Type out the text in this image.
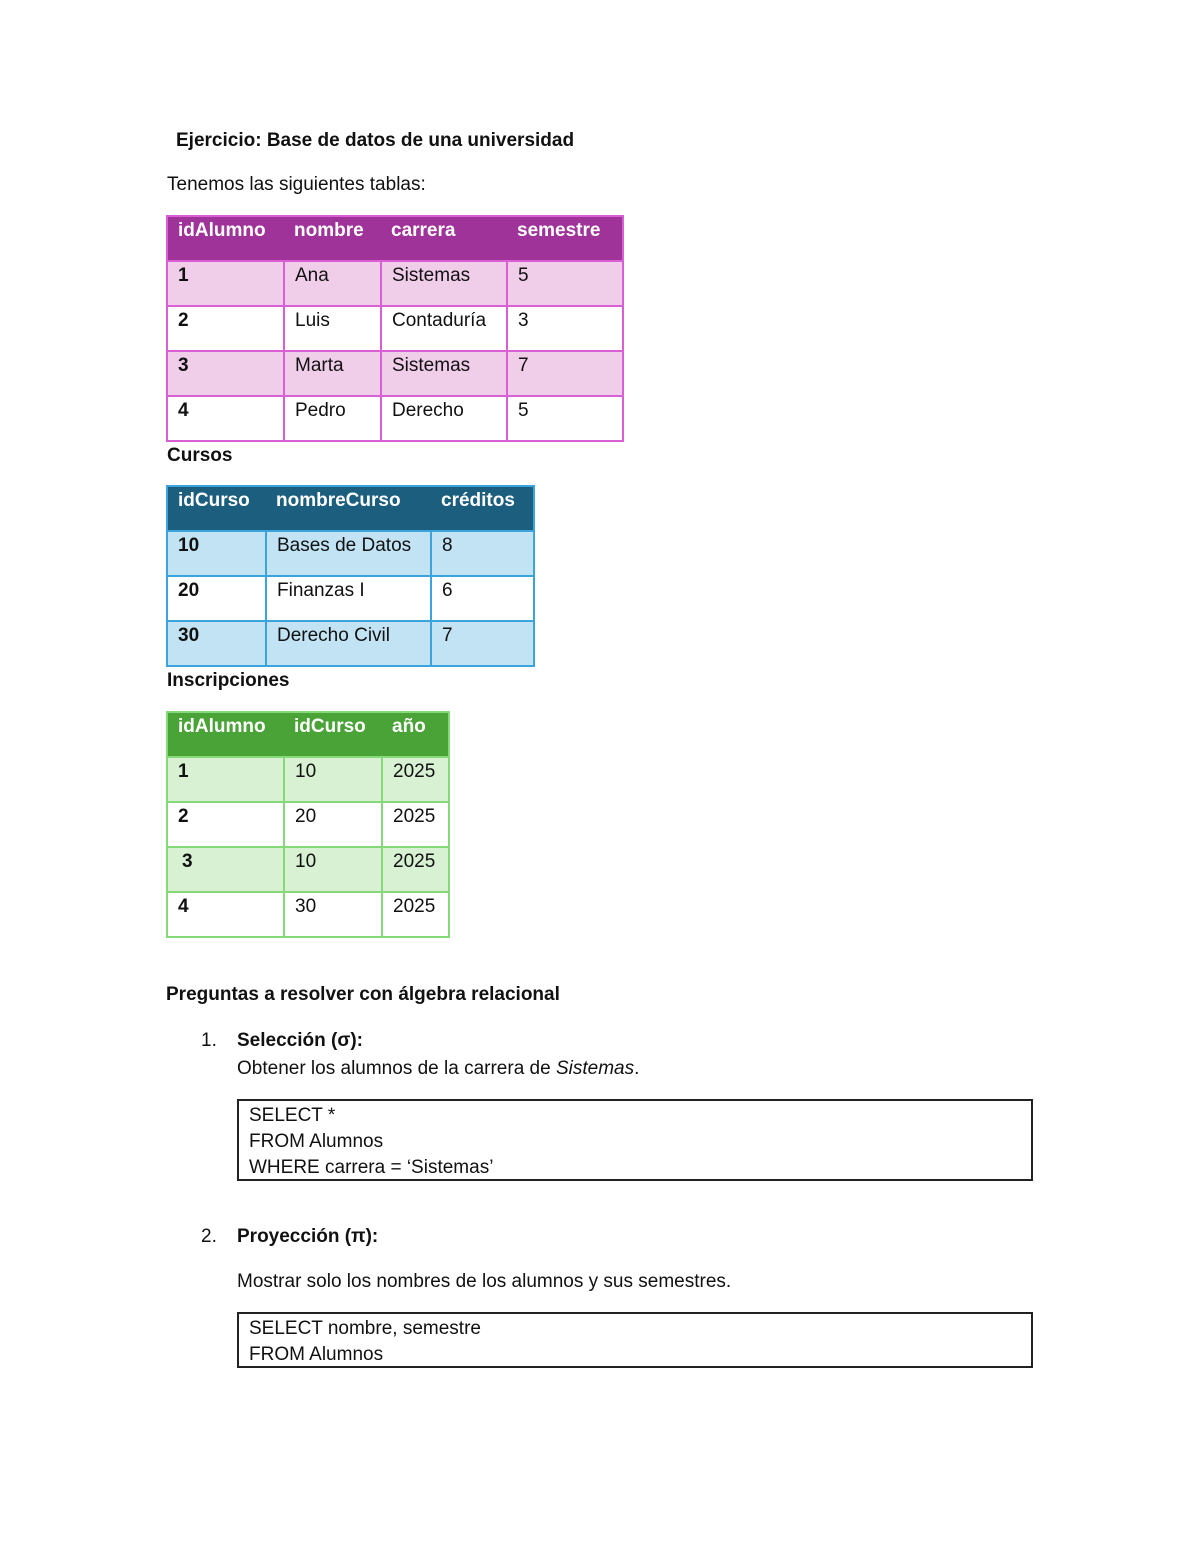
Ejercicio: Base de datos de una universidad
Tenemos las siguientes tablas:
idAlumno	nombre	carrera	semestre
1	Ana	Sistemas	5
2	Luis	Contaduría	3
3	Marta	Sistemas	7
4	Pedro	Derecho	5
Cursos
idCurso	nombreCurso	créditos
10	Bases de Datos	8
20	Finanzas I	6
30	Derecho Civil	7
Inscripciones
idAlumno	idCurso	año
1	10	2025
2	20	2025
3	10	2025
4	30	2025
Preguntas a resolver con álgebra relacional
1. Selección (σ):
Obtener los alumnos de la carrera de Sistemas.
SELECT *
FROM Alumnos
WHERE carrera = ‘Sistemas’
2. Proyección (π):
Mostrar solo los nombres de los alumnos y sus semestres.
SELECT nombre, semestre
FROM Alumnos
